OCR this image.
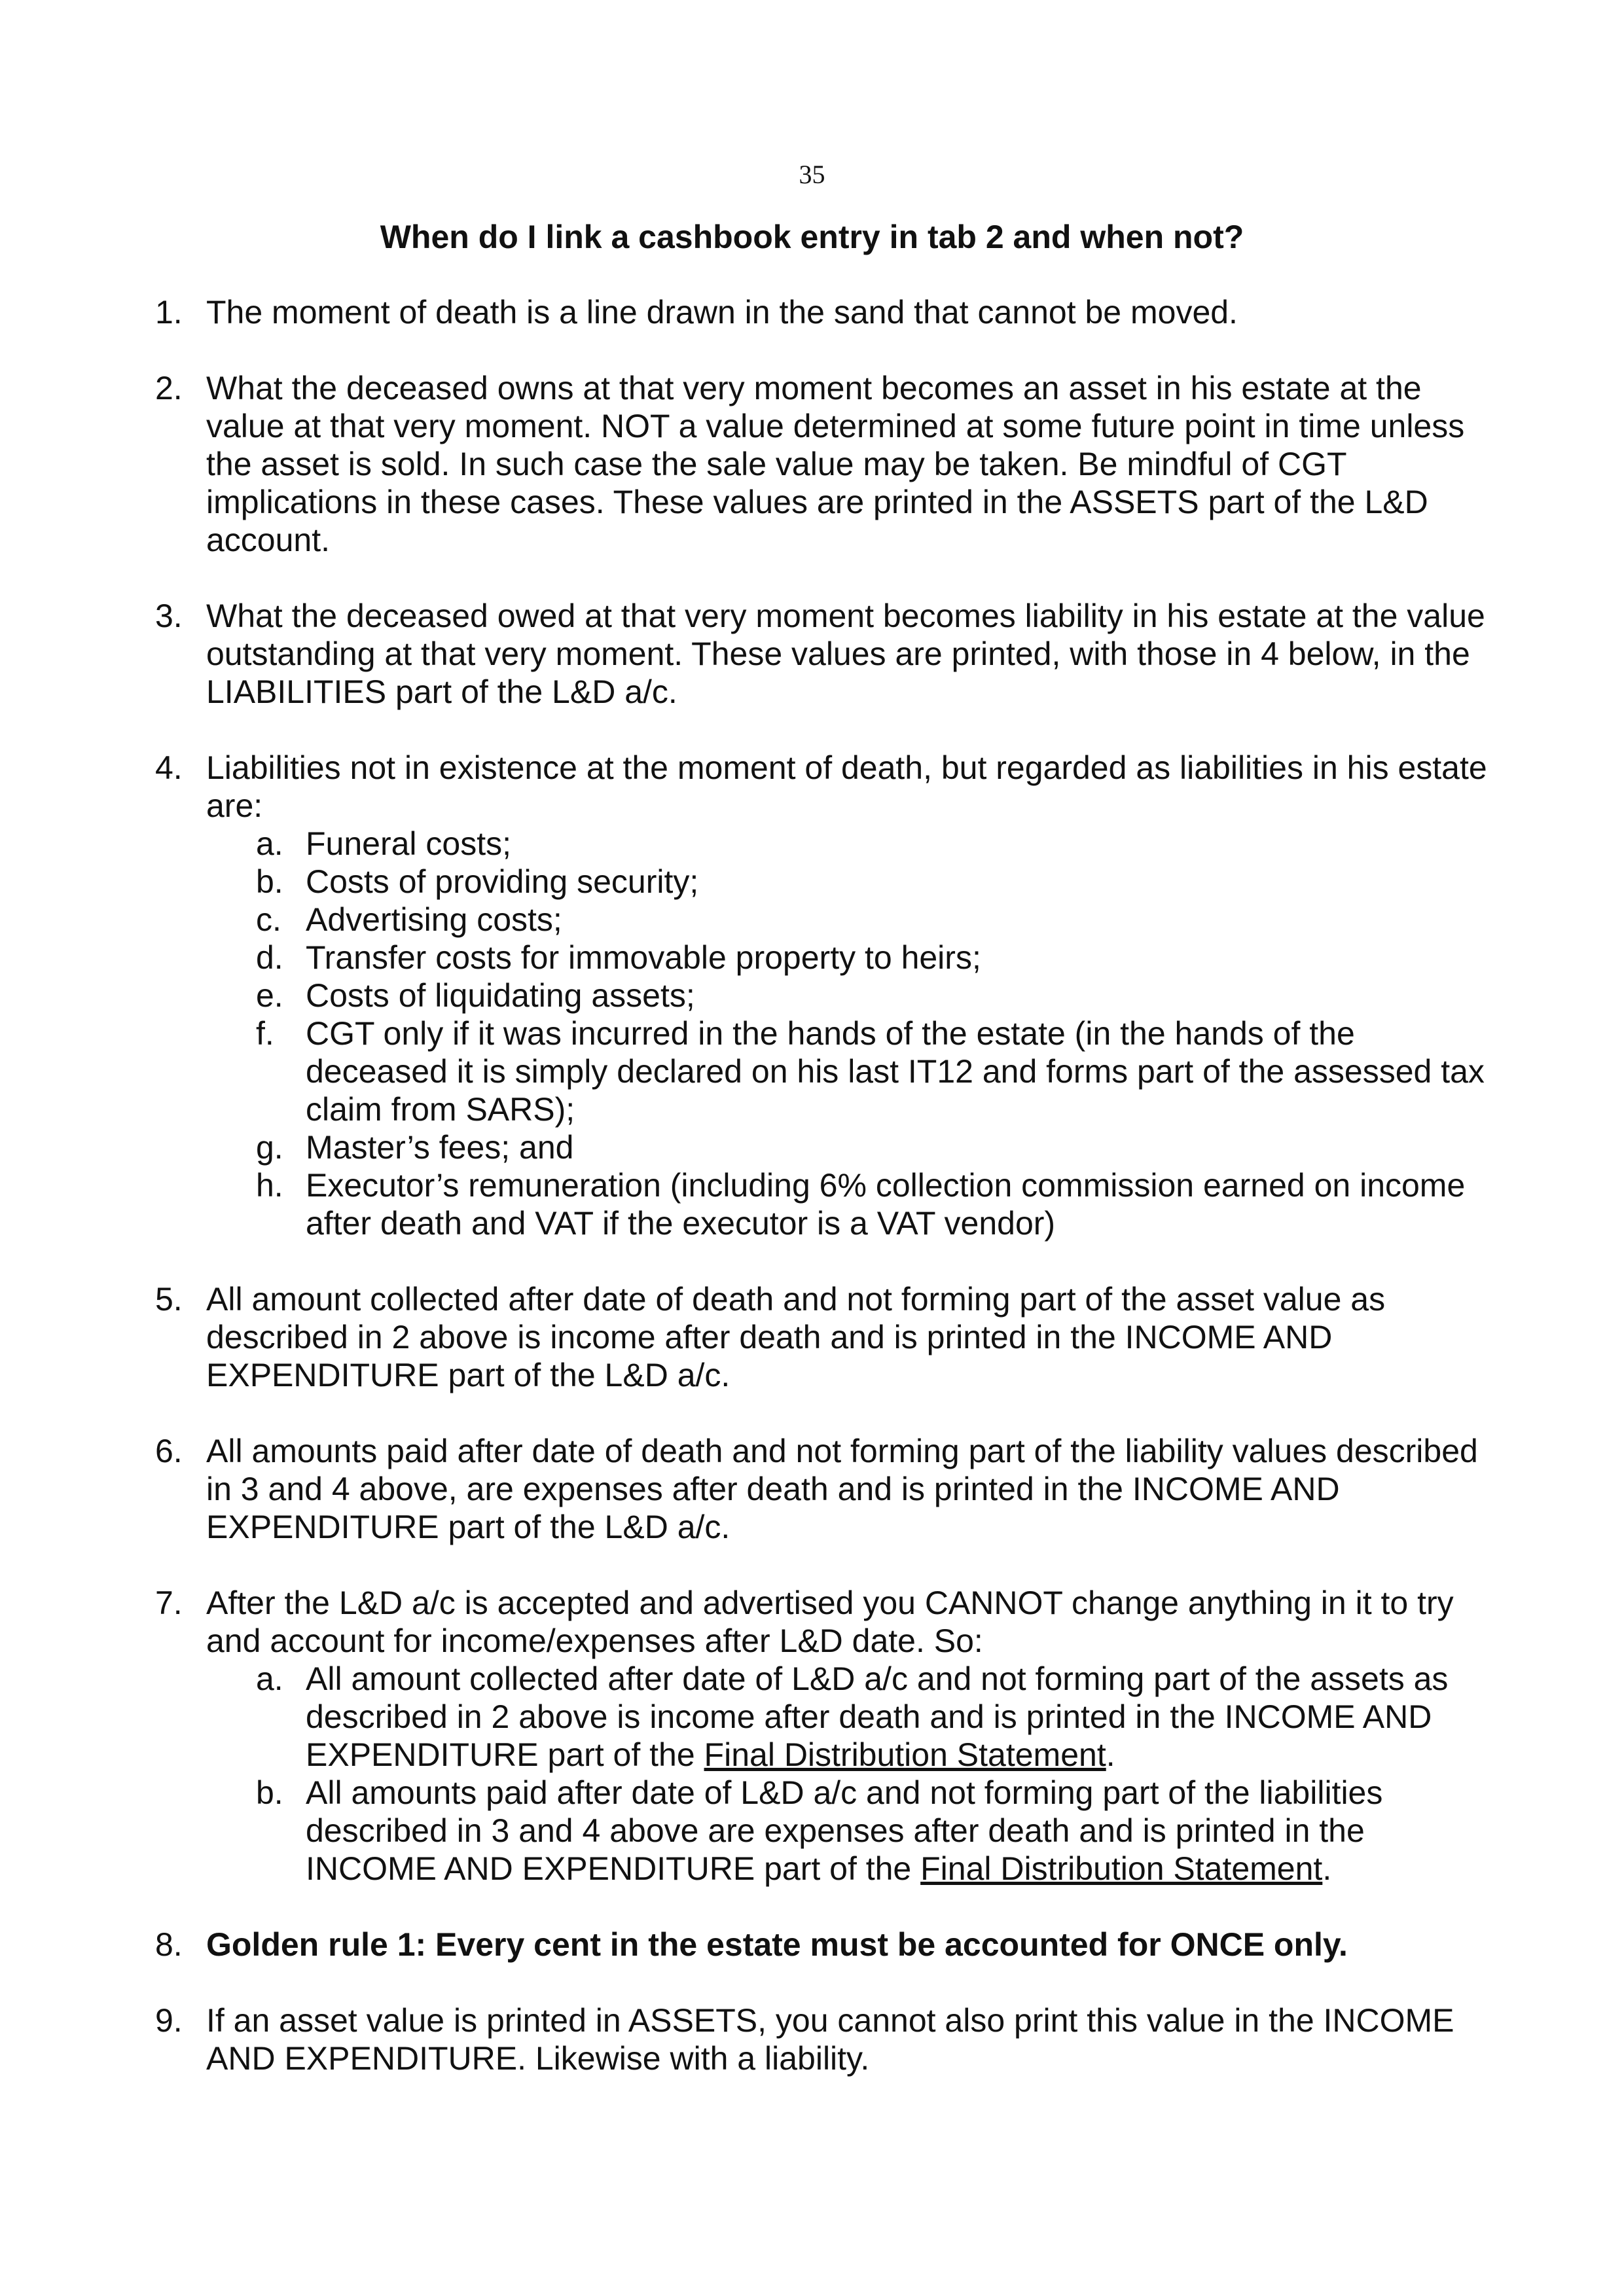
35
When do I link a cashbook entry in tab 2 and when not?
1. The moment of death is a line drawn in the sand that cannot be moved.
2. What the deceased owns at that very moment becomes an asset in his estate at the value at that very moment. NOT a value determined at some future point in time unless the asset is sold. In such case the sale value may be taken. Be mindful of CGT implications in these cases. These values are printed in the ASSETS part of the L&D account.
3. What the deceased owed at that very moment becomes liability in his estate at the value outstanding at that very moment. These values are printed, with those in 4 below, in the LIABILITIES part of the L&D a/c.
4. Liabilities not in existence at the moment of death, but regarded as liabilities in his estate are:
a. Funeral costs;
b. Costs of providing security;
c. Advertising costs;
d. Transfer costs for immovable property to heirs;
e. Costs of liquidating assets;
f. CGT only if it was incurred in the hands of the estate (in the hands of the deceased it is simply declared on his last IT12 and forms part of the assessed tax claim from SARS);
g. Master’s fees; and
h. Executor’s remuneration (including 6% collection commission earned on income after death and VAT if the executor is a VAT vendor)
5. All amount collected after date of death and not forming part of the asset value as described in 2 above is income after death and is printed in the INCOME AND EXPENDITURE part of the L&D a/c.
6. All amounts paid after date of death and not forming part of the liability values described in 3 and 4 above, are expenses after death and is printed in the INCOME AND EXPENDITURE part of the L&D a/c.
7. After the L&D a/c is accepted and advertised you CANNOT change anything in it to try and account for income/expenses after L&D date. So:
a. All amount collected after date of L&D a/c and not forming part of the assets as described in 2 above is income after death and is printed in the INCOME AND EXPENDITURE part of the Final Distribution Statement.
b. All amounts paid after date of L&D a/c and not forming part of the liabilities described in 3 and 4 above are expenses after death and is printed in the INCOME AND EXPENDITURE part of the Final Distribution Statement.
8. Golden rule 1: Every cent in the estate must be accounted for ONCE only.
9. If an asset value is printed in ASSETS, you cannot also print this value in the INCOME AND EXPENDITURE. Likewise with a liability.
